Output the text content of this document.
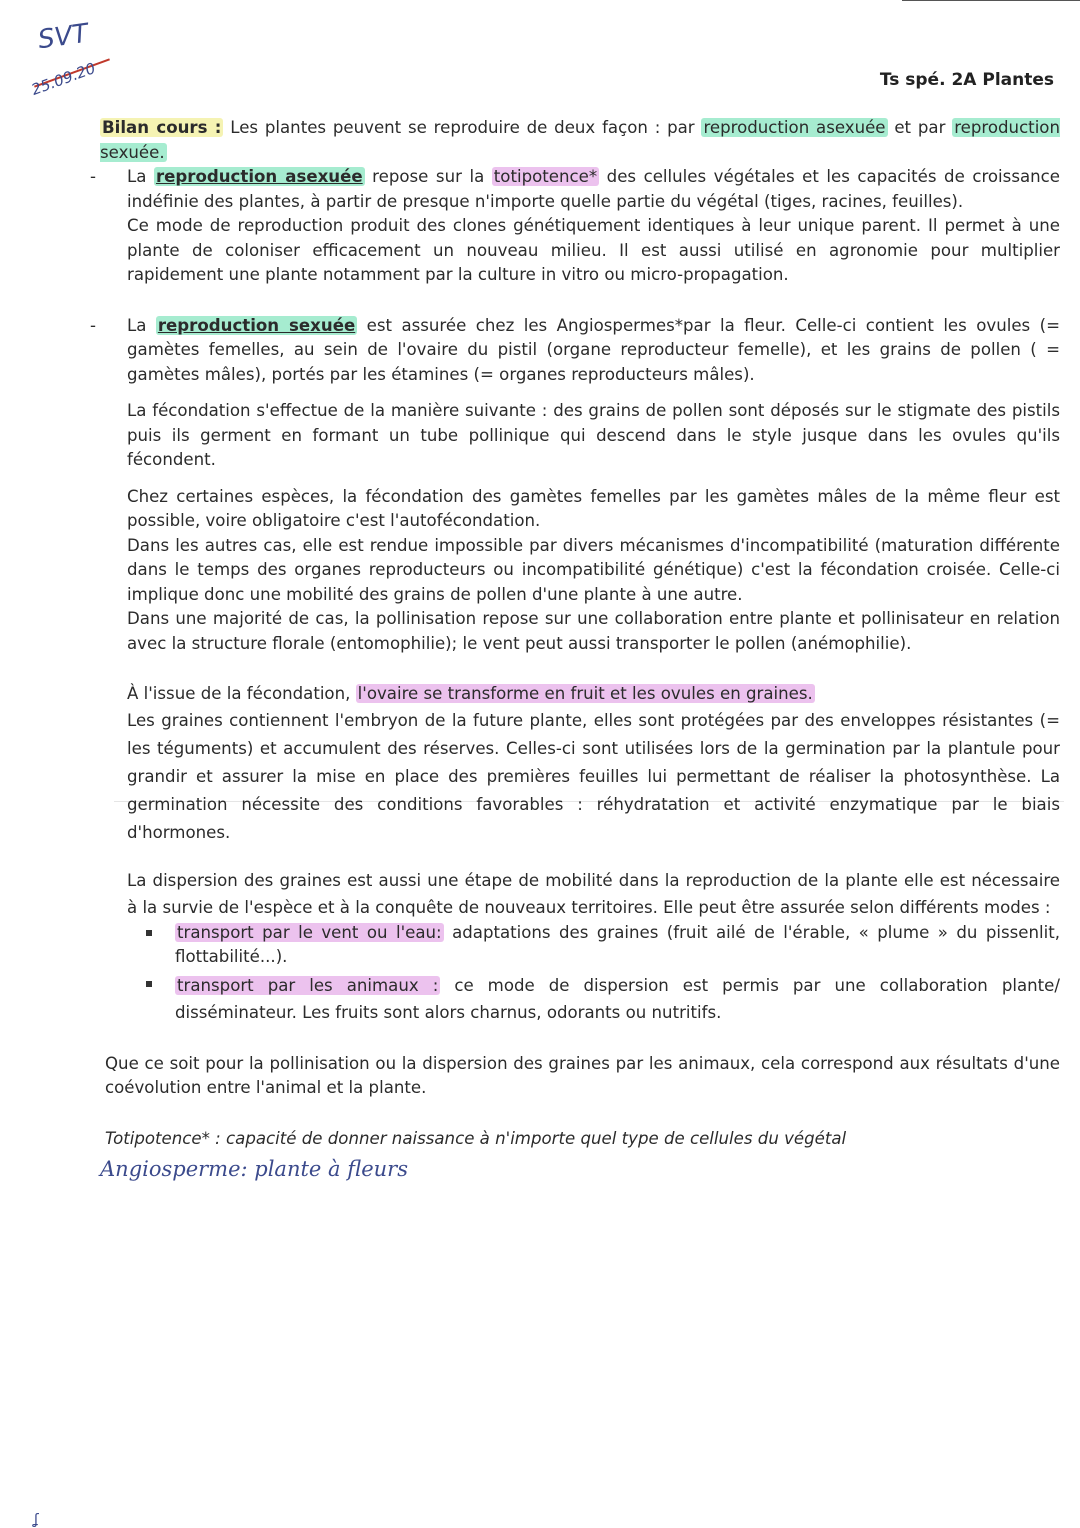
SVT
25.09.20	Ts spé. 2A Plantes

Bilan cours : Les plantes peuvent se reproduire de deux façon : par reproduction asexuée et par reproduction sexuée.

- La reproduction asexuée repose sur la totipotence* des cellules végétales et les capacités de croissance indéfinie des plantes, à partir de presque n'importe quelle partie du végétal (tiges, racines, feuilles).

Ce mode de reproduction produit des clones génétiquement identiques à leur unique parent. Il permet à une plante de coloniser efficacement un nouveau milieu. Il est aussi utilisé en agronomie pour multiplier rapidement une plante notamment par la culture in vitro ou micro-propagation.

- La reproduction sexuée est assurée chez les Angiospermes*par la fleur. Celle-ci contient les ovules (= gamètes femelles, au sein de l'ovaire du pistil (organe reproducteur femelle), et les grains de pollen ( = gamètes mâles), portés par les étamines (= organes reproducteurs mâles).

La fécondation s'effectue de la manière suivante : des grains de pollen sont déposés sur le stigmate des pistils puis ils germent en formant un tube pollinique qui descend dans le style jusque dans les ovules qu'ils fécondent.

Chez certaines espèces, la fécondation des gamètes femelles par les gamètes mâles de la même fleur est possible, voire obligatoire c'est l'autofécondation.

Dans les autres cas, elle est rendue impossible par divers mécanismes d'incompatibilité (maturation différente dans le temps des organes reproducteurs ou incompatibilité génétique) c'est la fécondation croisée. Celle-ci implique donc une mobilité des grains de pollen d'une plante à une autre.

Dans une majorité de cas, la pollinisation repose sur une collaboration entre plante et pollinisateur en relation avec la structure florale (entomophilie); le vent peut aussi transporter le pollen (anémophilie).

À l'issue de la fécondation, l'ovaire se transforme en fruit et les ovules en graines.

Les graines contiennent l'embryon de la future plante, elles sont protégées par des enveloppes résistantes (= les téguments) et accumulent des réserves. Celles-ci sont utilisées lors de la germination par la plantule pour grandir et assurer la mise en place des premières feuilles lui permettant de réaliser la photosynthèse. La germination nécessite des conditions favorables : réhydratation et activité enzymatique par le biais d'hormones.

La dispersion des graines est aussi une étape de mobilité dans la reproduction de la plante elle est nécessaire à la survie de l'espèce et à la conquête de nouveaux territoires. Elle peut être assurée selon différents modes :

transport par le vent ou l'eau: adaptations des graines (fruit ailé de l'érable, « plume » du pissenlit, flottabilité...).
transport par les animaux : ce mode de dispersion est permis par une collaboration plante/ disséminateur. Les fruits sont alors charnus, odorants ou nutritifs.

Que ce soit pour la pollinisation ou la dispersion des graines par les animaux, cela correspond aux résultats d'une coévolution entre l'animal et la plante.

Totipotence* : capacité de donner naissance à n'importe quel type de cellules du végétal

Angiosperme: plante à fleurs
ʆ
